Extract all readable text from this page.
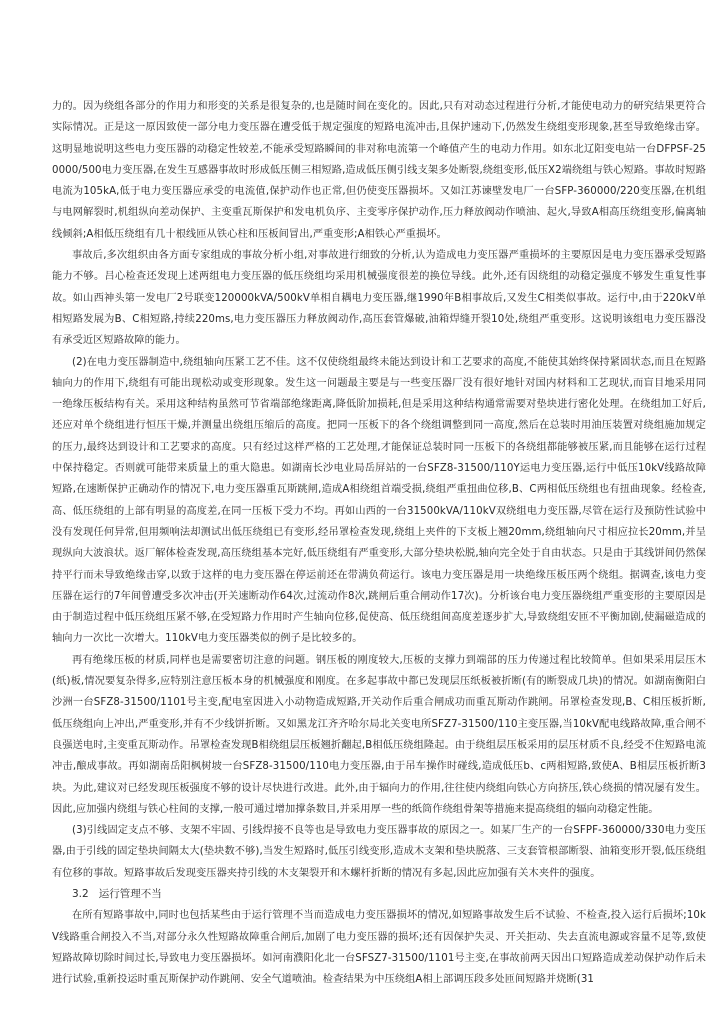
力的。因为绕组各部分的作用力和形变的关系是很复杂的,也是随时间在变化的。因此,只有对动态过程进行分析,才能使电动力的研究结果更符合实际情况。正是这一原因致使一部分电力变压器在遭受低于规定强度的短路电流冲击,且保护速动下,仍然发生绕组变形现象,甚至导致绝缘击穿。这明显地说明这些电力变压器的动稳定性较差,不能承受短路瞬间的非对称电流第一个峰值产生的电动力作用。如东北辽阳变电站一台DFPSF-250000/500电力变压器,在发生互感器事故时形成低压侧三相短路,造成低压侧引线支架多处断裂,绕组变形,低压X2端绕组与铁心短路。事故时短路电流为105kA,低于电力变压器应承受的电流值,保护动作也正常,但仍使变压器损坏。又如江苏谏壁发电厂一台SFP-360000/220变压器,在机组与电网解裂时,机组纵向差动保护、主变重瓦斯保护和发电机负序、主变零序保护动作,压力释放阀动作喷油、起火,导致A相高压绕组变形,偏离轴线倾斜;A相低压绕组有几十根线匝从铁心柱和压板间冒出,严重变形;A相铁心严重损坏。

事故后,多次组织由各方面专家组成的事故分析小组,对事故进行细致的分析,认为造成电力变压器严重损坏的主要原因是电力变压器承受短路能力不够。吕心检查还发现上述两组电力变压器的低压绕组均采用机械强度很差的换位导线。此外,还有因绕组的动稳定强度不够发生重复性事故。如山西神头第一发电厂2号联变120000kVA/500kV单相自耦电力变压器,继1990年B相事故后,又发生C相类似事故。运行中,由于220kV单相短路发展为B、C相短路,持续220ms,电力变压器压力释放阀动作,高压套管爆破,油箱焊缝开裂10处,绕组严重变形。这说明该组电力变压器没有承受近区短路故障的能力。

(2)在电力变压器制造中,绕组轴向压紧工艺不佳。这不仅使绕组最终未能达到设计和工艺要求的高度,不能使其始终保持紧固状态,而且在短路轴向力的作用下,绕组有可能出现松动或变形现象。发生这一问题最主要是与一些变压器厂没有很好地针对国内材料和工艺现状,而盲目地采用同一绝缘压板结构有关。采用这种结构虽然可节省端部绝缘距离,降低阶加损耗,但是采用这种结构通常需要对垫块进行密化处理。在绕组加工好后,还应对单个绕组进行恒压干燥,并测量出绕组压缩后的高度。把同一压板下的各个绕组调整到同一高度,然后在总装时用油压装置对绕组施加规定的压力,最终达到设计和工艺要求的高度。只有经过这样严格的工艺处理,才能保证总装时同一压板下的各绕组都能够被压紧,而且能够在运行过程中保持稳定。否则就可能带来质量上的重大隐患。如湖南长沙电业局岳屏站的一台SFZ8-31500/110Y运电力变压器,运行中低压10kV线路故障短路,在速断保护正确动作的情况下,电力变压器重瓦斯跳闸,造成A相绕组首端受损,绕组严重扭曲位移,B、C两相低压绕组也有扭曲现象。经检查,高、低压绕组的上部有明显的高度差,在同一压板下受力不均。再如山西的一台31500kVA/110kV双绕组电力变压器,尽管在运行及预防性试验中没有发现任何异常,但用频响法却测试出低压绕组已有变形,经吊罩检查发现,绕组上夹件的下支板上翘20mm,绕组轴向尺寸相应拉长20mm,并呈现纵向大波浪状。返厂解体检查发现,高压绕组基本完好,低压绕组有严重变形,大部分垫块松脱,轴向完全处于自由状态。只是由于其线饼间仍然保持平行而未导致绝缘击穿,以致于这样的电力变压器在停运前还在带满负荷运行。该电力变压器是用一块绝缘压板压两个绕组。据调查,该电力变压器在运行的7年间曾遭受多次冲击(开关速断动作64次,过流动作8次,跳闸后重合闸动作17次)。分析该台电力变压器绕组严重变形的主要原因是由于制造过程中低压绕组压紧不够,在受短路力作用时产生轴向位移,促使高、低压绕组间高度差逐步扩大,导致绕组安匝不平衡加剧,使漏磁造成的轴向力一次比一次增大。110kV电力变压器类似的例子是比较多的。

再有绝缘压板的材质,同样也是需要密切注意的问题。钢压板的刚度较大,压板的支撑力到端部的压力传递过程比较简单。但如果采用层压木(纸)板,情况要复杂得多,应特别注意压板本身的机械强度和刚度。在多起事故中都已发现层压纸板被折断(有的断裂成几块)的情况。如湖南衡阳白沙洲一台SFZ8-31500/1101号主变,配电室因进入小动物造成短路,开关动作后重合闸成功而重瓦斯动作跳闸。吊罩检查发现,B、C相压板折断,低压绕组向上冲出,严重变形,并有不少线饼折断。又如黑龙江齐齐哈尔局北关变电所SFZ7-31500/110主变压器,当10kV配电线路故障,重合闸不良强送电时,主变重瓦斯动作。吊罩检查发现B相绕组层压板翘折翻起,B相低压绕组隆起。由于绕组层压板采用的层压材质不良,经受不住短路电流冲击,酿成事故。再如湖南岳阳枫树坡一台SFZ8-31500/110电力变压器,由于吊车操作时碰线,造成低压b、c两相短路,致使A、B相层压板折断3块。为此,建议对已经发现压板强度不够的设计尽快进行改进。此外,由于辐向力的作用,往往使内绕组向铁心方向挤压,铁心绕损的情况屡有发生。因此,应加强内绕组与铁心柱间的支撑,一般可通过增加撑条数目,并采用厚一些的纸筒作绕组骨架等措施来提高绕组的辐向动稳定性能。

(3)引线固定支点不够、支架不牢固、引线焊接不良等也是导致电力变压器事故的原因之一。如某厂生产的一台SFPF-360000/330电力变压器,由于引线的固定垫块间隔太大(垫块数不够),当发生短路时,低压引线变形,造成木支架和垫块脱落、三支套管根部断裂、油箱变形开裂,低压绕组有位移的事故。短路事故后发现变压器夹持引线的木支架裂开和木螺杆折断的情况有多起,因此应加强有关木夹件的强度。

3.2 运行管理不当

在所有短路事故中,同时也包括某些由于运行管理不当而造成电力变压器损坏的情况,如短路事故发生后不试验、不检查,投入运行后损坏;10kV线路重合闸投入不当,对部分永久性短路故障重合闸后,加剧了电力变压器的损坏;还有因保护失灵、开关拒动、失去直流电源或容量不足等,致使短路故障切除时间过长,导致电力变压器损坏。如河南濮阳化北一台SFSZ7-31500/1101号主变,在事故前两天因出口短路造成差动保护动作后未进行试验,重新投运时重瓦斯保护动作跳闸、安全气道喷油。检查结果为中压绕组A相上部调压段多处匝间短路并烧断(31
